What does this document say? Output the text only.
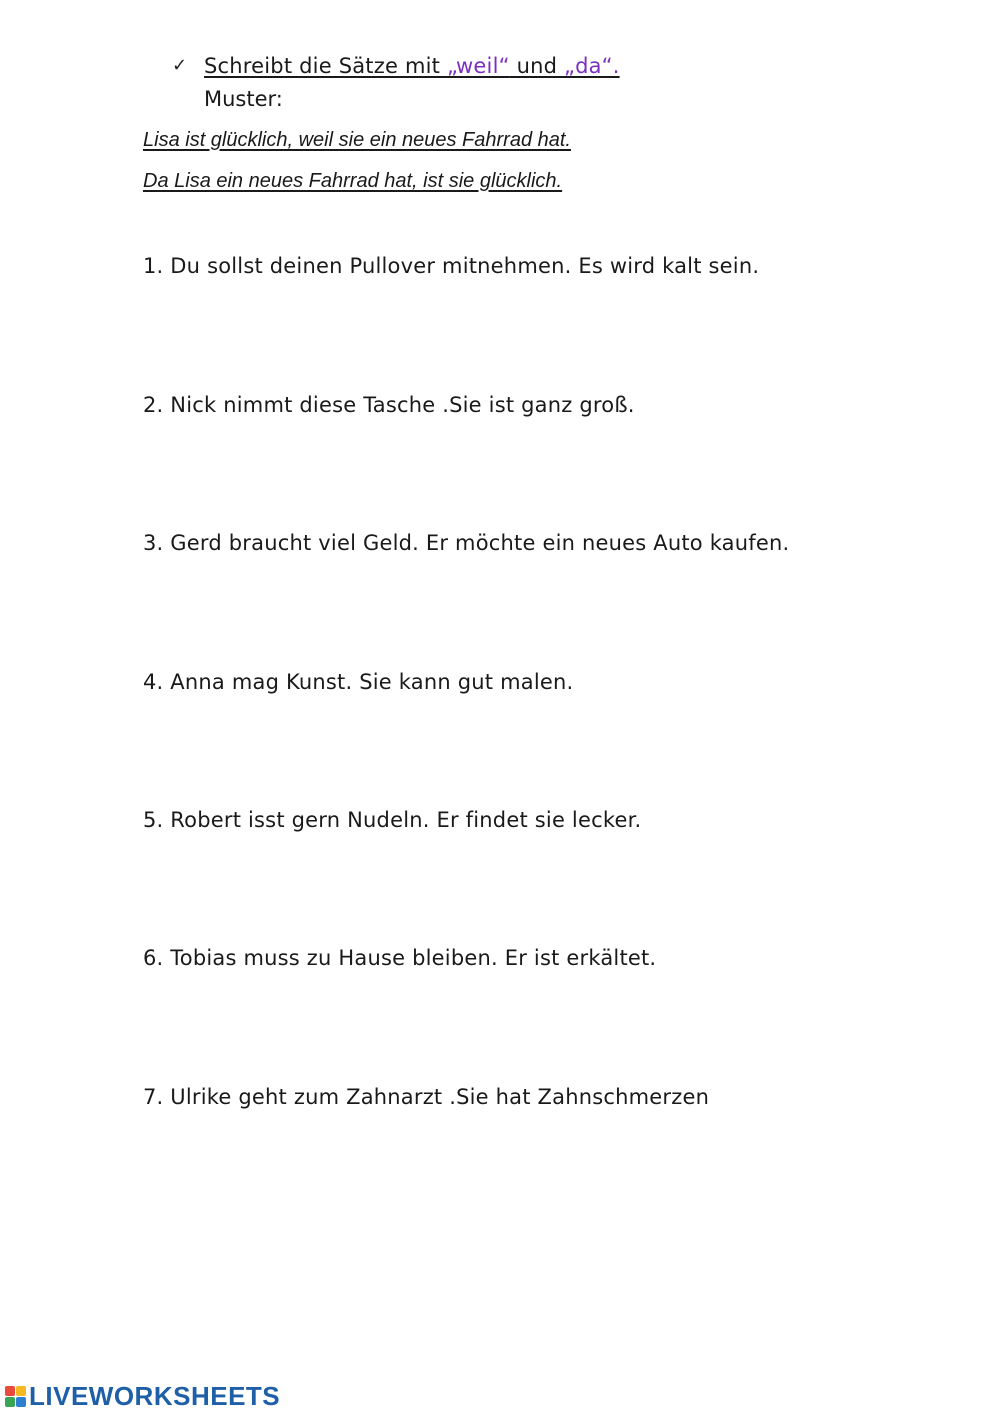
✓ Schreibt die Sätze mit „weil“ und „da“.
Muster:
Lisa ist glücklich, weil sie ein neues Fahrrad hat.
Da Lisa ein neues Fahrrad hat, ist sie glücklich.
1. Du sollst deinen Pullover mitnehmen. Es wird kalt sein.
2. Nick nimmt diese Tasche .Sie ist ganz groß.
3. Gerd braucht viel Geld. Er möchte ein neues Auto kaufen.
4. Anna mag Kunst. Sie kann gut malen.
5. Robert isst gern Nudeln. Er findet sie lecker.
6. Tobias muss zu Hause bleiben. Er ist erkältet.
7. Ulrike geht zum Zahnarzt .Sie hat Zahnschmerzen
LIVEWORKSHEETS
